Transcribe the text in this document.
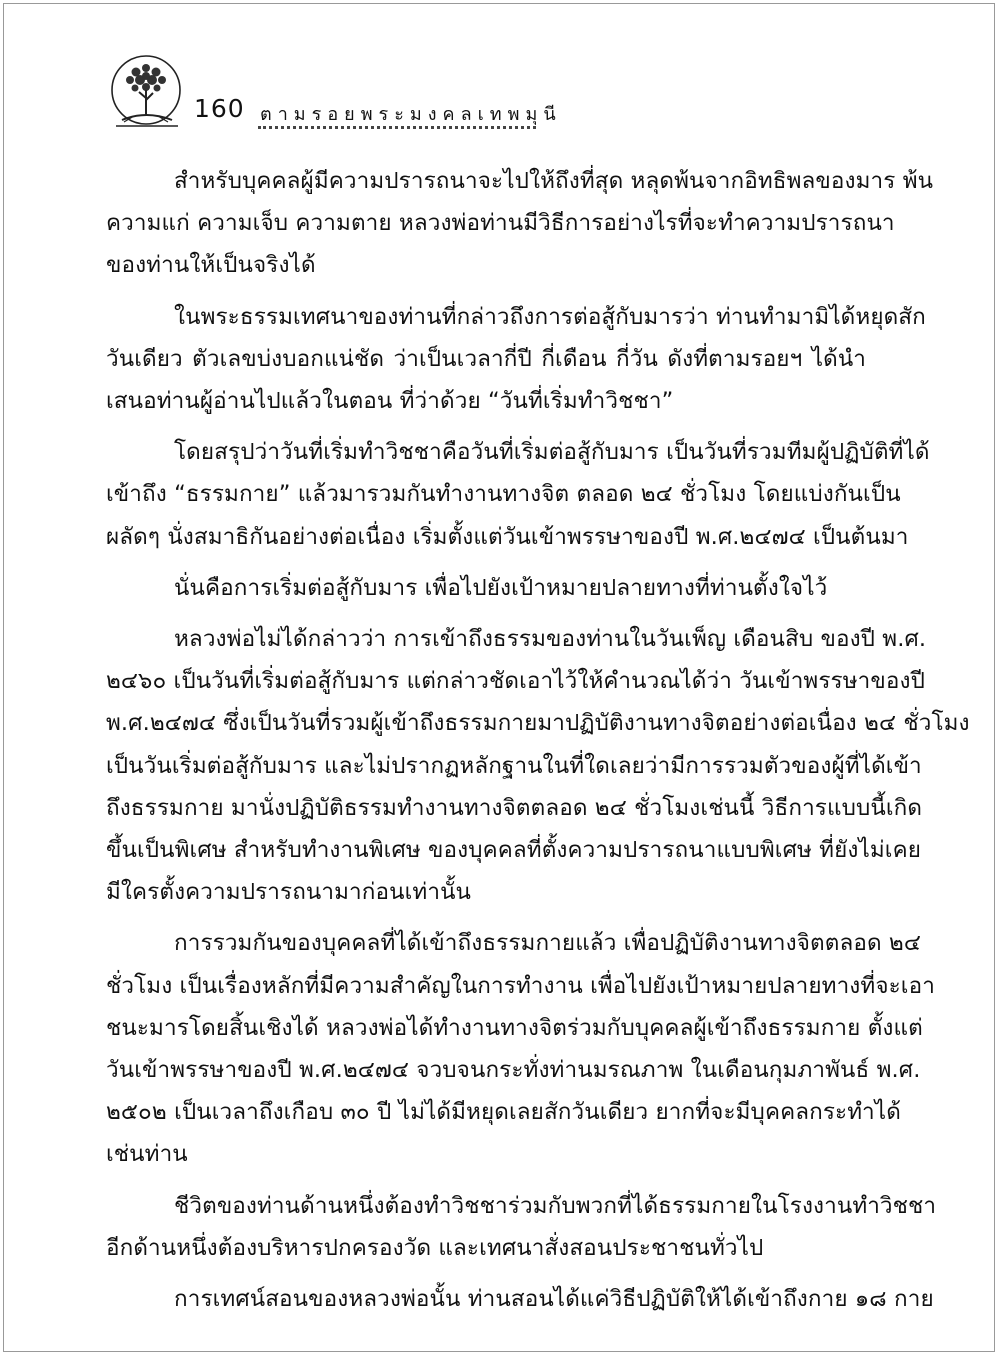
160 ตามรอยพระมงคลเทพมุนี
สำหรับบุคคลผู้มีความปรารถนาจะไปให้ถึงที่สุด หลุดพ้นจากอิทธิพลของมาร พ้น
ความแก่ ความเจ็บ ความตาย หลวงพ่อท่านมีวิธีการอย่างไรที่จะทำความปรารถนา
ของท่านให้เป็นจริงได้
ในพระธรรมเทศนาของท่านที่กล่าวถึงการต่อสู้กับมารว่า ท่านทำมามิได้หยุดสัก
วันเดียว ตัวเลขบ่งบอกแน่ชัด ว่าเป็นเวลากี่ปี กี่เดือน กี่วัน ดังที่ตามรอยฯ ได้นำ
เสนอท่านผู้อ่านไปแล้วในตอน ที่ว่าด้วย “วันที่เริ่มทำวิชชา”
โดยสรุปว่าวันที่เริ่มทำวิชชาคือวันที่เริ่มต่อสู้กับมาร เป็นวันที่รวมทีมผู้ปฏิบัติที่ได้
เข้าถึง “ธรรมกาย” แล้วมารวมกันทำงานทางจิต ตลอด ๒๔ ชั่วโมง โดยแบ่งกันเป็น
ผลัดๆ นั่งสมาธิกันอย่างต่อเนื่อง เริ่มตั้งแต่วันเข้าพรรษาของปี พ.ศ.๒๔๗๔ เป็นต้นมา
นั่นคือการเริ่มต่อสู้กับมาร เพื่อไปยังเป้าหมายปลายทางที่ท่านตั้งใจไว้
หลวงพ่อไม่ได้กล่าวว่า การเข้าถึงธรรมของท่านในวันเพ็ญ เดือนสิบ ของปี พ.ศ.
๒๔๖๐ เป็นวันที่เริ่มต่อสู้กับมาร แต่กล่าวชัดเอาไว้ให้คำนวณได้ว่า วันเข้าพรรษาของปี
พ.ศ.๒๔๗๔ ซึ่งเป็นวันที่รวมผู้เข้าถึงธรรมกายมาปฏิบัติงานทางจิตอย่างต่อเนื่อง ๒๔ ชั่วโมง
เป็นวันเริ่มต่อสู้กับมาร และไม่ปรากฏหลักฐานในที่ใดเลยว่ามีการรวมตัวของผู้ที่ได้เข้า
ถึงธรรมกาย มานั่งปฏิบัติธรรมทำงานทางจิตตลอด ๒๔ ชั่วโมงเช่นนี้ วิธีการแบบนี้เกิด
ขึ้นเป็นพิเศษ สำหรับทำงานพิเศษ ของบุคคลที่ตั้งความปรารถนาแบบพิเศษ ที่ยังไม่เคย
มีใครตั้งความปรารถนามาก่อนเท่านั้น
การรวมกันของบุคคลที่ได้เข้าถึงธรรมกายแล้ว เพื่อปฏิบัติงานทางจิตตลอด ๒๔
ชั่วโมง เป็นเรื่องหลักที่มีความสำคัญในการทำงาน เพื่อไปยังเป้าหมายปลายทางที่จะเอา
ชนะมารโดยสิ้นเชิงได้ หลวงพ่อได้ทำงานทางจิตร่วมกับบุคคลผู้เข้าถึงธรรมกาย ตั้งแต่
วันเข้าพรรษาของปี พ.ศ.๒๔๗๔ จวบจนกระทั่งท่านมรณภาพ ในเดือนกุมภาพันธ์ พ.ศ.
๒๕๐๒ เป็นเวลาถึงเกือบ ๓๐ ปี ไม่ได้มีหยุดเลยสักวันเดียว ยากที่จะมีบุคคลกระทำได้
เช่นท่าน
ชีวิตของท่านด้านหนึ่งต้องทำวิชชาร่วมกับพวกที่ได้ธรรมกายในโรงงานทำวิชชา
อีกด้านหนึ่งต้องบริหารปกครองวัด และเทศนาสั่งสอนประชาชนทั่วไป
การเทศน์สอนของหลวงพ่อนั้น ท่านสอนได้แค่วิธีปฏิบัติให้ได้เข้าถึงกาย ๑๘ กาย
